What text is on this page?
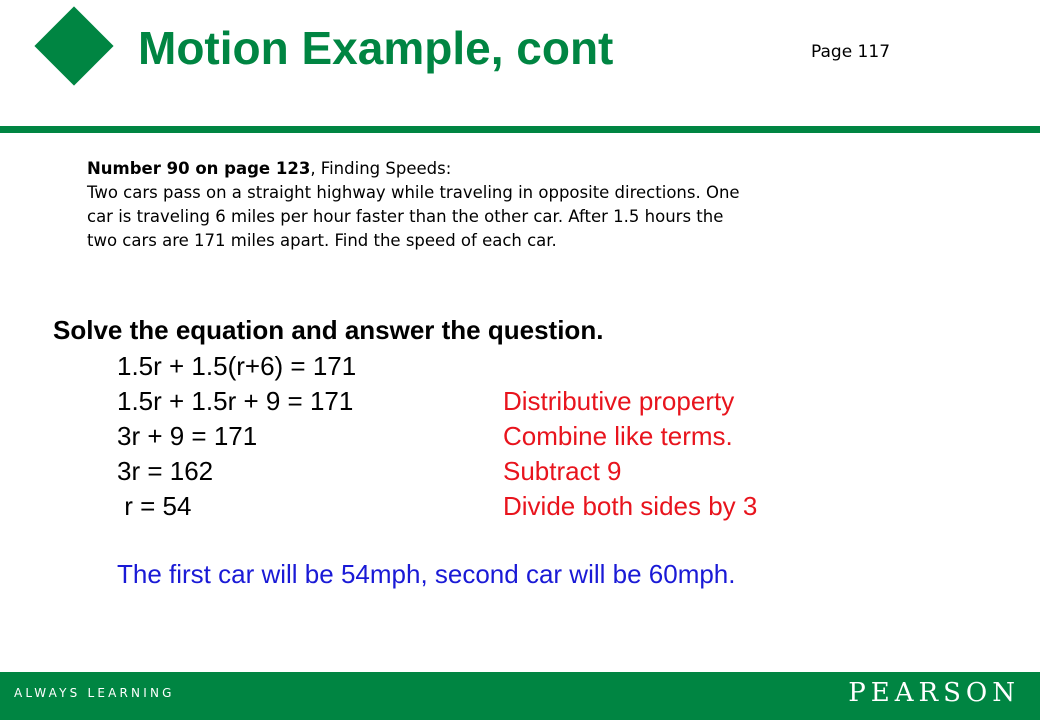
Motion Example, cont	Page 117
Number 90 on page 123, Finding Speeds:
Two cars pass on a straight highway while traveling in opposite directions. One
car is traveling 6 miles per hour faster than the other car. After 1.5 hours the
two cars are 171 miles apart. Find the speed of each car.
Solve the equation and answer the question.
1.5r + 1.5(r+6) = 171
1.5r + 1.5r + 9 = 171	Distributive property
3r + 9 = 171	Combine like terms.
3r = 162	Subtract 9
r = 54	Divide both sides by 3
The first car will be 54mph, second car will be 60mph.
ALWAYS LEARNING	PEARSON
